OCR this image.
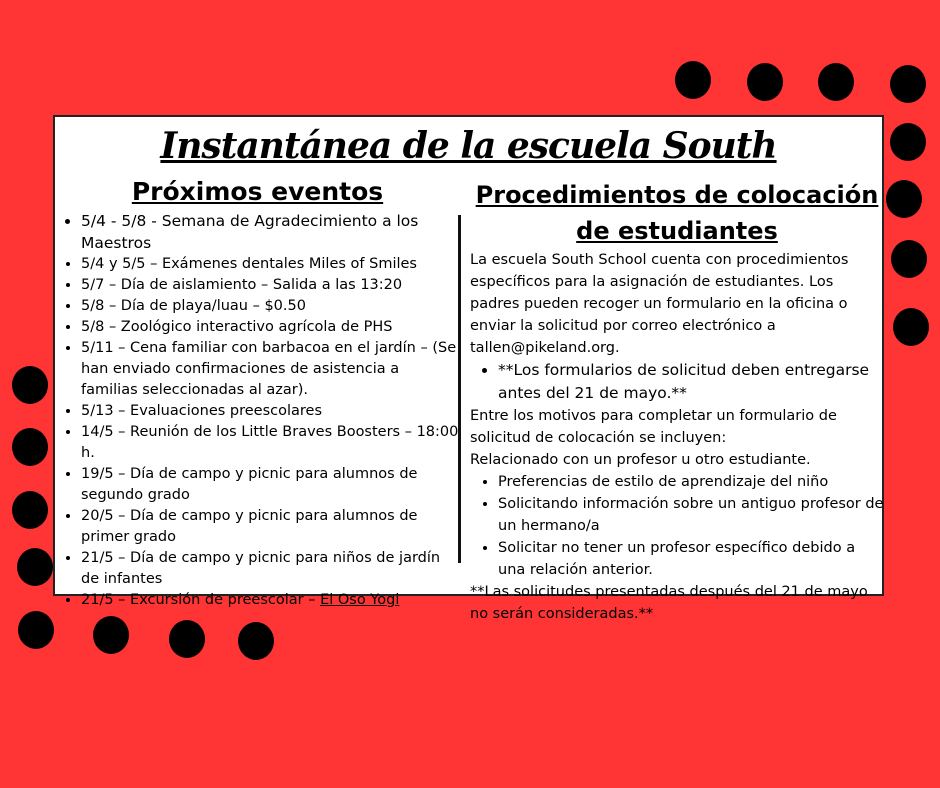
Instantánea de la escuela South
Próximos eventos
• 5/4 - 5/8 - Semana de Agradecimiento a los Maestros
• 5/4 y 5/5 – Exámenes dentales Miles of Smiles
• 5/7 – Día de aislamiento – Salida a las 13:20
• 5/8 – Día de playa/luau – $0.50
• 5/8 – Zoológico interactivo agrícola de PHS
• 5/11 – Cena familiar con barbacoa en el jardín – (Se han enviado confirmaciones de asistencia a familias seleccionadas al azar).
• 5/13 – Evaluaciones preescolares
• 14/5 – Reunión de los Little Braves Boosters – 18:00 h.
• 19/5 – Día de campo y picnic para alumnos de segundo grado
• 20/5 – Día de campo y picnic para alumnos de primer grado
• 21/5 – Día de campo y picnic para niños de jardín de infantes
• 21/5 – Excursión de preescolar – El Oso Yogi
Procedimientos de colocación de estudiantes

La escuela South School cuenta con procedimientos específicos para la asignación de estudiantes. Los padres pueden recoger un formulario en la oficina o enviar la solicitud por correo electrónico a tallen@pikeland.org.

• **Los formularios de solicitud deben entregarse antes del 21 de mayo.**

Entre los motivos para completar un formulario de solicitud de colocación se incluyen:

Relacionado con un profesor u otro estudiante.

• Preferencias de estilo de aprendizaje del niño
• Solicitando información sobre un antiguo profesor de un hermano/a
• Solicitar no tener un profesor específico debido a una relación anterior.

**Las solicitudes presentadas después del 21 de mayo no serán consideradas.**
